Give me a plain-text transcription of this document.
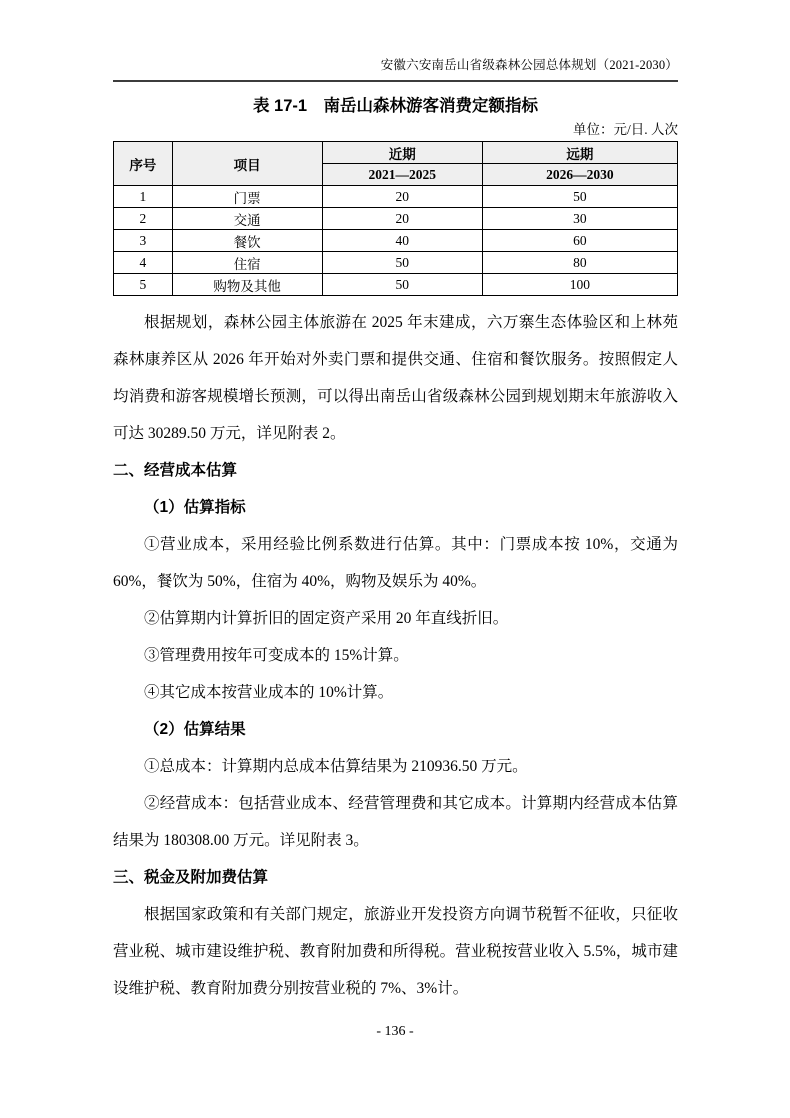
安徽六安南岳山省级森林公园总体规划（2021-2030）
表 17-1　南岳山森林游客消费定额指标
单位：元/日. 人次
序号	项目	近期	远期
		2021—2025	2026—2030
1	门票	20	50
2	交通	20	30
3	餐饮	40	60
4	住宿	50	80
5	购物及其他	50	100

根据规划，森林公园主体旅游在 2025 年末建成，六万寨生态体验区和上林苑森林康养区从 2026 年开始对外卖门票和提供交通、住宿和餐饮服务。按照假定人均消费和游客规模增长预测，可以得出南岳山省级森林公园到规划期末年旅游收入可达 30289.50 万元，详见附表 2。

二、经营成本估算

（1）估算指标

①营业成本，采用经验比例系数进行估算。其中：门票成本按 10%，交通为 60%，餐饮为 50%，住宿为 40%，购物及娱乐为 40%。

②估算期内计算折旧的固定资产采用 20 年直线折旧。

③管理费用按年可变成本的 15%计算。

④其它成本按营业成本的 10%计算。

（2）估算结果

①总成本：计算期内总成本估算结果为 210936.50 万元。

②经营成本：包括营业成本、经营管理费和其它成本。计算期内经营成本估算结果为 180308.00 万元。详见附表 3。

三、税金及附加费估算

根据国家政策和有关部门规定，旅游业开发投资方向调节税暂不征收，只征收营业税、城市建设维护税、教育附加费和所得税。营业税按营业收入 5.5%，城市建设维护税、教育附加费分别按营业税的 7%、3%计。

- 136 -
